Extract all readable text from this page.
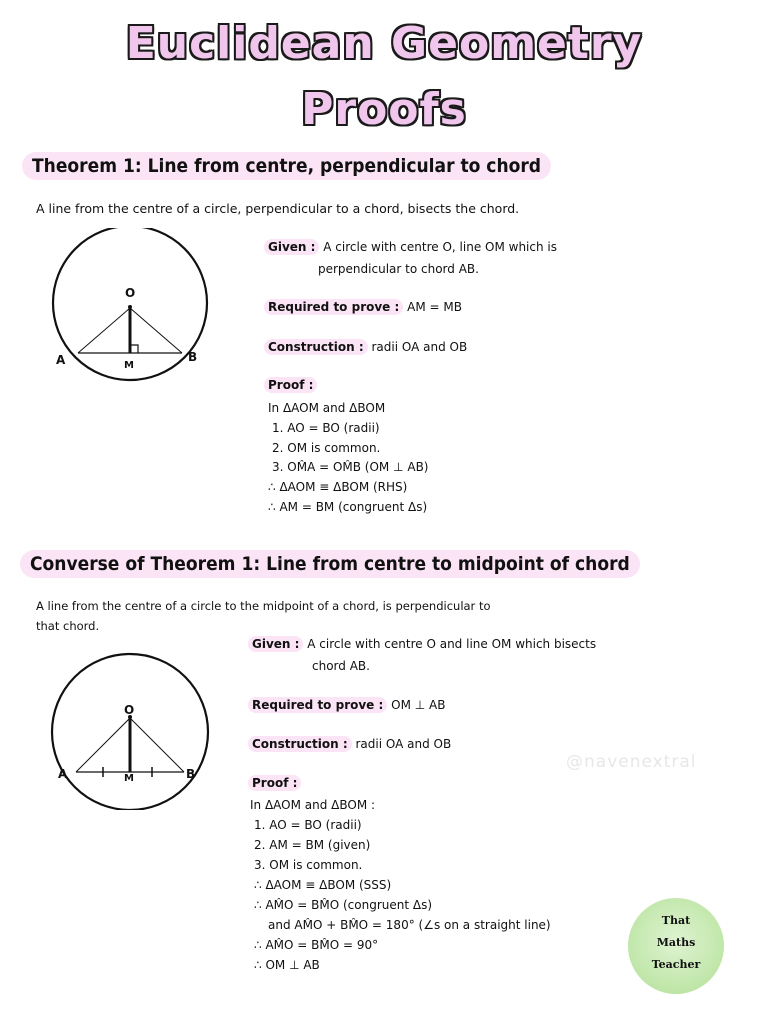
Euclidean Geometry
Proofs
Theorem 1: Line from centre, perpendicular to chord
A line from the centre of a circle, perpendicular to a chord, bisects the chord.
O
A	B
M
Given : A circle with centre O, line OM which is
perpendicular to chord AB.
Required to prove : AM = MB
Construction : radii OA and OB
Proof :
In ΔAOM and ΔBOM
1. AO = BO (radii)
2. OM is common.
3. OM̂A = OM̂B (OM ⊥ AB)
∴ ΔAOM ≡ ΔBOM (RHS)
∴ AM = BM (congruent Δs)
Converse of Theorem 1: Line from centre to midpoint of chord
A line from the centre of a circle to the midpoint of a chord, is perpendicular to
that chord.
O
A	B
M
Given : A circle with centre O and line OM which bisects
chord AB.
Required to prove : OM ⊥ AB
Construction : radii OA and OB
Proof :
In ΔAOM and ΔBOM :
1. AO = BO (radii)
2. AM = BM (given)
3. OM is common.
∴ ΔAOM ≡ ΔBOM (SSS)
∴ AM̂O = BM̂O (congruent Δs)
and AM̂O + BM̂O = 180° (∠s on a straight line)
∴ AM̂O = BM̂O = 90°
∴ OM ⊥ AB
@navenextral
That
Maths
Teacher
